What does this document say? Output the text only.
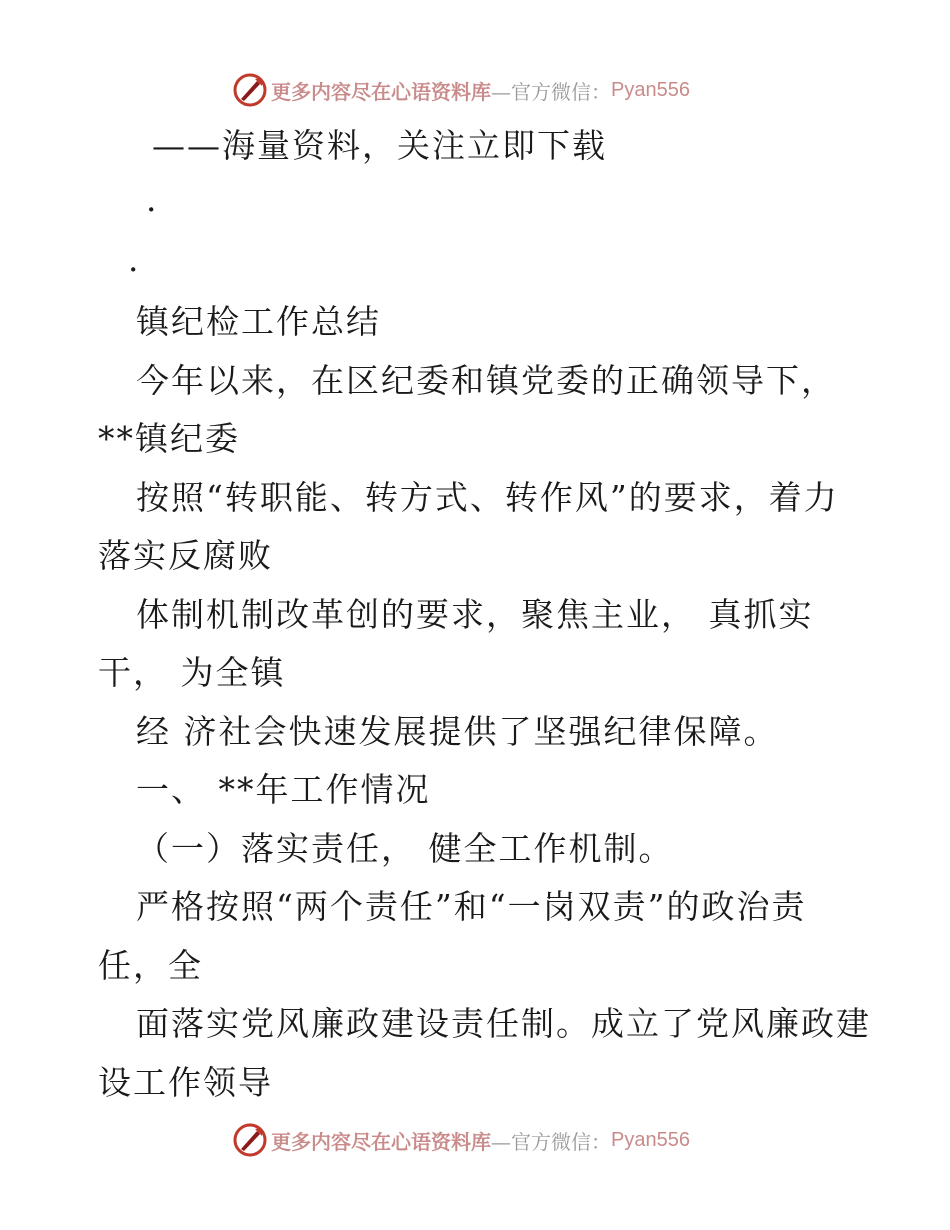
更多内容尽在心语资料库 —官方微信： Pyan556
——海量资料，关注立即下载
·
·
镇纪检工作总结
今年以来，在区纪委和镇党委的正确领导下，
**镇纪委
按照“转职能、转方式、转作风”的要求，着力
落实反腐败
体制机制改革创的要求，聚焦主业， 真抓实
干， 为全镇
经 济社会快速发展提供了坚强纪律保障。
一、 **年工作情况
（一）落实责任， 健全工作机制。
严格按照“两个责任”和“一岗双责”的政治责
任，全
面落实党风廉政建设责任制。成立了党风廉政建
设工作领导
更多内容尽在心语资料库 —官方微信： Pyan556
